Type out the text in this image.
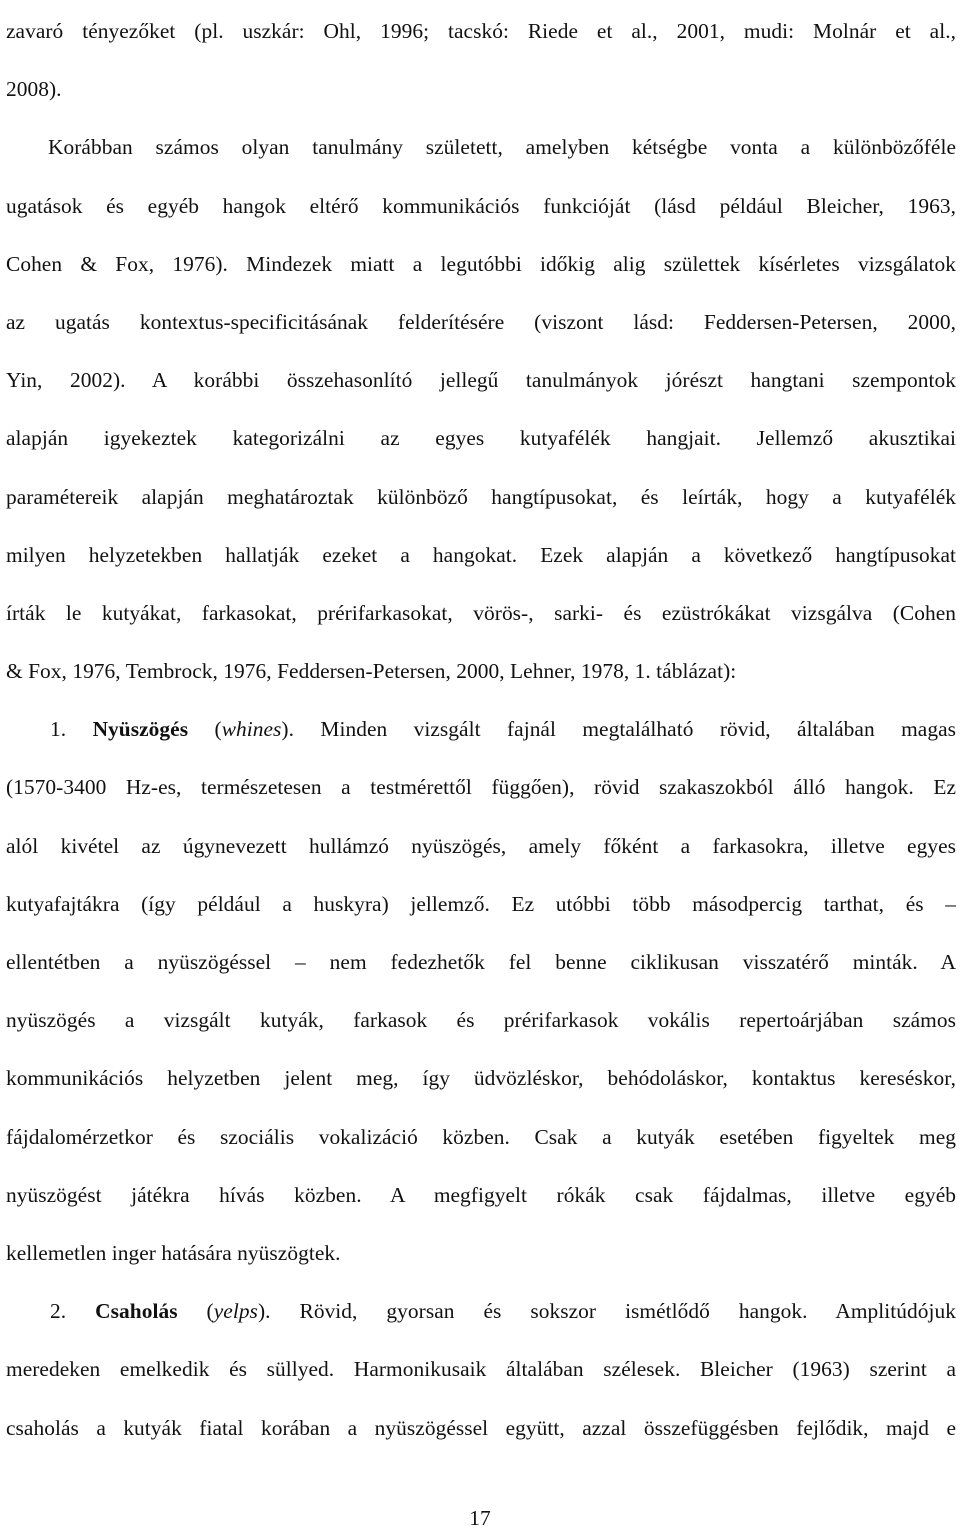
zavaró tényezőket (pl. uszkár: Ohl, 1996; tacskó: Riede et al., 2001, mudi: Molnár et al.,
2008).
Korábban számos olyan tanulmány született, amelyben kétségbe vonta a különbözőféle
ugatások és egyéb hangok eltérő kommunikációs funkcióját (lásd például Bleicher, 1963,
Cohen & Fox, 1976). Mindezek miatt a legutóbbi időkig alig születtek kísérletes vizsgálatok
az ugatás kontextus-specificitásának felderítésére (viszont lásd: Feddersen-Petersen, 2000,
Yin, 2002). A korábbi összehasonlító jellegű tanulmányok jórészt hangtani szempontok
alapján igyekeztek kategorizálni az egyes kutyafélék hangjait. Jellemző akusztikai
paramétereik alapján meghatároztak különböző hangtípusokat, és leírták, hogy a kutyafélék
milyen helyzetekben hallatják ezeket a hangokat. Ezek alapján a következő hangtípusokat
írták le kutyákat, farkasokat, prérifarkasokat, vörös-, sarki- és ezüstrókákat vizsgálva (Cohen
& Fox, 1976, Tembrock, 1976, Feddersen-Petersen, 2000, Lehner, 1978, 1. táblázat):
1. Nyüszögés (whines). Minden vizsgált fajnál megtalálható rövid, általában magas
(1570-3400 Hz-es, természetesen a testmérettől függően), rövid szakaszokból álló hangok. Ez
alól kivétel az úgynevezett hullámzó nyüszögés, amely főként a farkasokra, illetve egyes
kutyafajtákra (így például a huskyra) jellemző. Ez utóbbi több másodpercig tarthat, és –
ellentétben a nyüszögéssel – nem fedezhetők fel benne ciklikusan visszatérő minták. A
nyüszögés a vizsgált kutyák, farkasok és prérifarkasok vokális repertoárjában számos
kommunikációs helyzetben jelent meg, így üdvözléskor, behódoláskor, kontaktus kereséskor,
fájdalomérzetkor és szociális vokalizáció közben. Csak a kutyák esetében figyeltek meg
nyüszögést játékra hívás közben. A megfigyelt rókák csak fájdalmas, illetve egyéb
kellemetlen inger hatására nyüszögtek.
2. Csaholás (yelps). Rövid, gyorsan és sokszor ismétlődő hangok. Amplitúdójuk
meredeken emelkedik és süllyed. Harmonikusaik általában szélesek. Bleicher (1963) szerint a
csaholás a kutyák fiatal korában a nyüszögéssel együtt, azzal összefüggésben fejlődik, majd e
17
